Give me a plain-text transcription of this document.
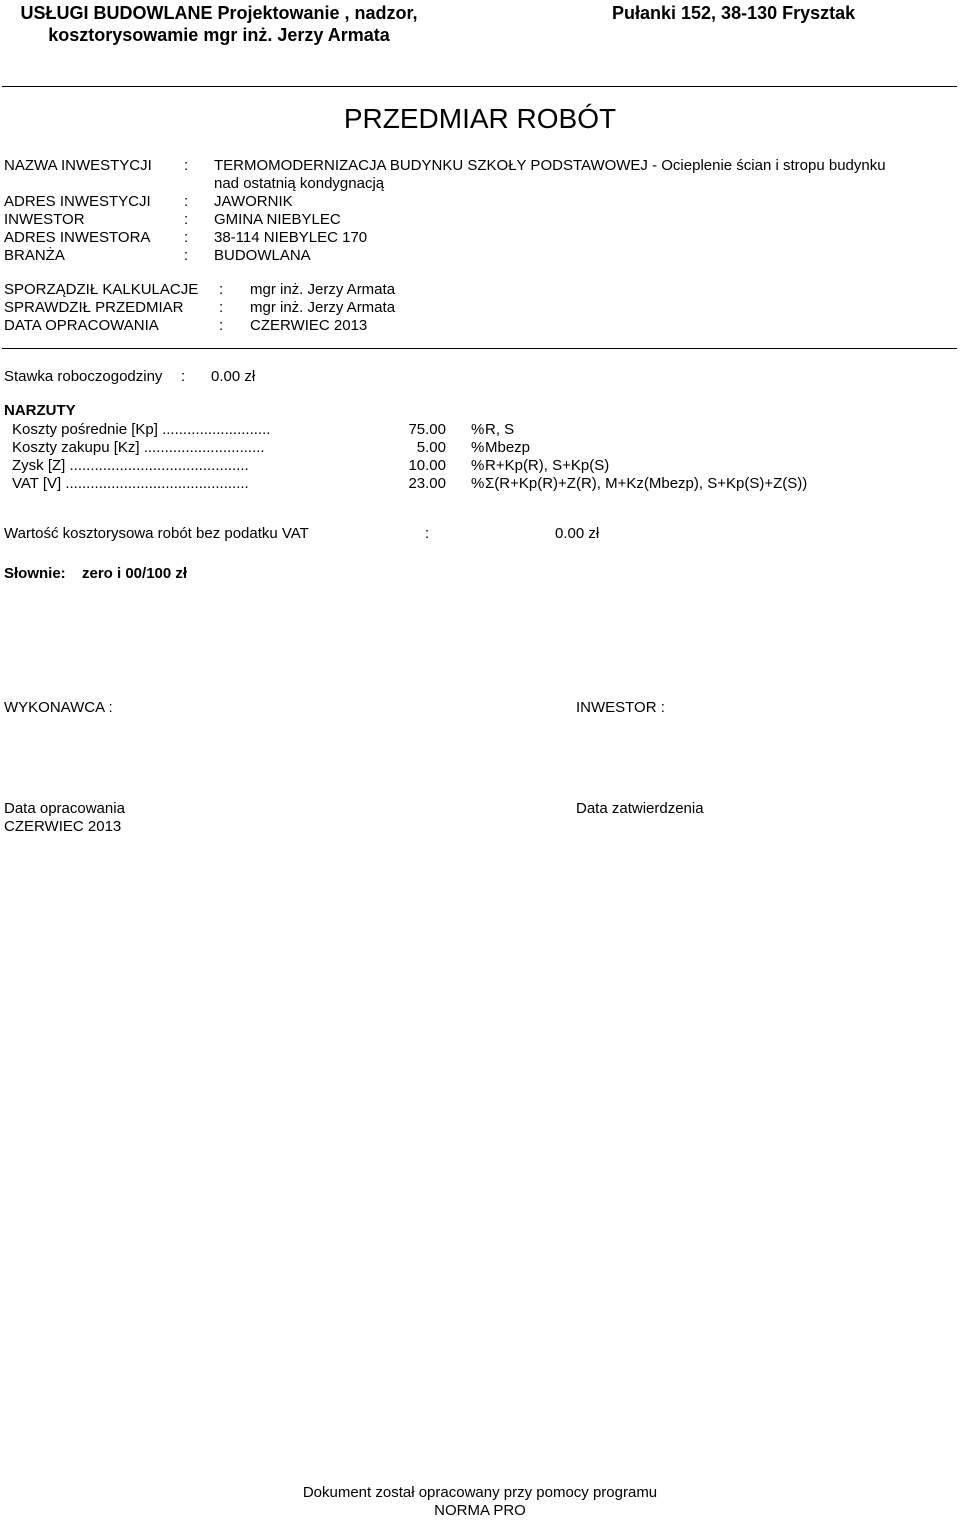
USŁUGI BUDOWLANE Projektowanie , nadzor, kosztorysowamie mgr inż. Jerzy Armata
Pułanki 152, 38-130 Frysztak
PRZEDMIAR ROBÓT
NAZWA INWESTYCJI : TERMOMODERNIZACJA BUDYNKU SZKOŁY PODSTAWOWEJ - Ocieplenie ścian i stropu budynku
nad ostatnią kondygnacją
ADRES INWESTYCJI : JAWORNIK
INWESTOR	: GMINA NIEBYLEC
ADRES INWESTORA : 38-114 NIEBYLEC 170
BRANŻA	: BUDOWLANA
SPORZĄDZIŁ KALKULACJE : mgr inż. Jerzy Armata
SPRAWDZIŁ PRZEDMIAR : mgr inż. Jerzy Armata
DATA OPRACOWANIA	: CZERWIEC 2013
Stawka roboczogodziny : 0.00 zł
NARZUTY
Koszty pośrednie [Kp] ..........................	75.00 % R, S
Koszty zakupu [Kz] .............................	5.00 % Mbezp
Zysk [Z] ...........................................	10.00 % R+Kp(R), S+Kp(S)
VAT [V] ............................................	23.00 % Σ(R+Kp(R)+Z(R), M+Kz(Mbezp), S+Kp(S)+Z(S))
Wartość kosztorysowa robót bez podatku VAT	:	0.00 zł
Słownie: zero i 00/100 zł
WYKONAWCA :	INWESTOR :
Data opracowania
CZERWIEC 2013
Data zatwierdzenia
Dokument został opracowany przy pomocy programu
NORMA PRO
